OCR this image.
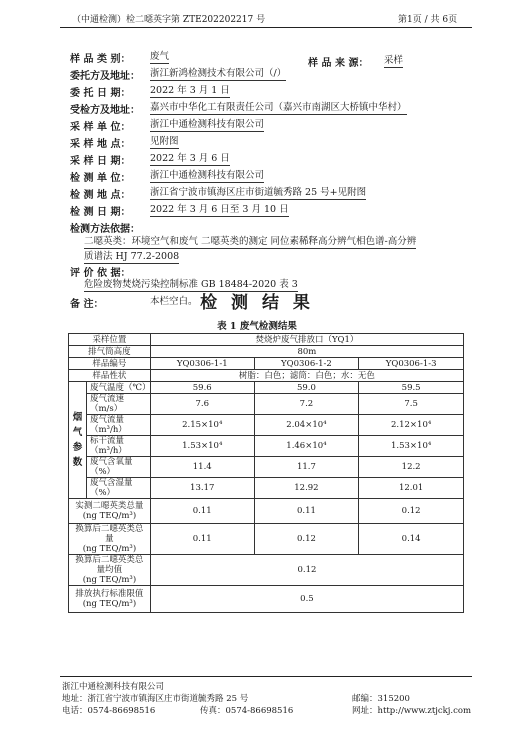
（中通检测）检二噁英字第 ZTE202202217 号	第1页 / 共 6页
样 品 类 别： 废气
样 品 来 源： 采样
委托方及地址： 浙江新鸿检测技术有限公司（/）
委 托 日 期： 2022 年 3 月 1 日
受检方及地址： 嘉兴市中华化工有限责任公司（嘉兴市南湖区大桥镇中华村）
采 样 单 位： 浙江中通检测科技有限公司
采 样 地 点： 见附图
采 样 日 期： 2022 年 3 月 6 日
检 测 单 位： 浙江中通检测科技有限公司
检 测 地 点： 浙江省宁波市镇海区庄市街道毓秀路 25 号+见附图
检 测 日 期： 2022 年 3 月 6 日至 3 月 10 日
检测方法依据：
二噁英类：环境空气和废气 二噁英类的测定 同位素稀释高分辨气相色谱-高分辨
质谱法 HJ 77.2-2008
评 价 依 据：
危险废物焚烧污染控制标准 GB 18484-2020 表 3
备 注：	本栏空白。 检 测 结 果
表 1 废气检测结果
采样位置		焚烧炉废气排放口（YQ1）		
排气筒高度		80m		
样品编号		YQ0306-1-1	YQ0306-1-2	YQ0306-1-3
样品性状		树脂：白色；滤筒：白色；水：无色		
烟气
参数	废气温度（℃）	59.6	59.0	59.5
	废气流速（m/s）	7.6	7.2	7.5
	废气流量（m³/h）	2.15×10⁴	2.04×10⁴	2.12×10⁴
	标干流量（m³/h）	1.53×10⁴	1.46×10⁴	1.53×10⁴
	废气含氧量（%）	11.4	11.7	12.2
	废气含湿量（%）	13.17	12.92	12.01
实测二噁英类总量
(ng TEQ/m³)		0.11	0.11	0.12
换算后二噁英类总量
(ng TEQ/m³)		0.11	0.12	0.14
换算后二噁英类总量均值
(ng TEQ/m³)		0.12		
排放执行标准限值
(ng TEQ/m³)		0.5		
浙江中通检测科技有限公司
地址：浙江省宁波市镇海区庄市街道毓秀路 25 号	邮编：315200
电话：0574-86698516	传真：0574-86698516	网址：http://www.ztjckj.com
